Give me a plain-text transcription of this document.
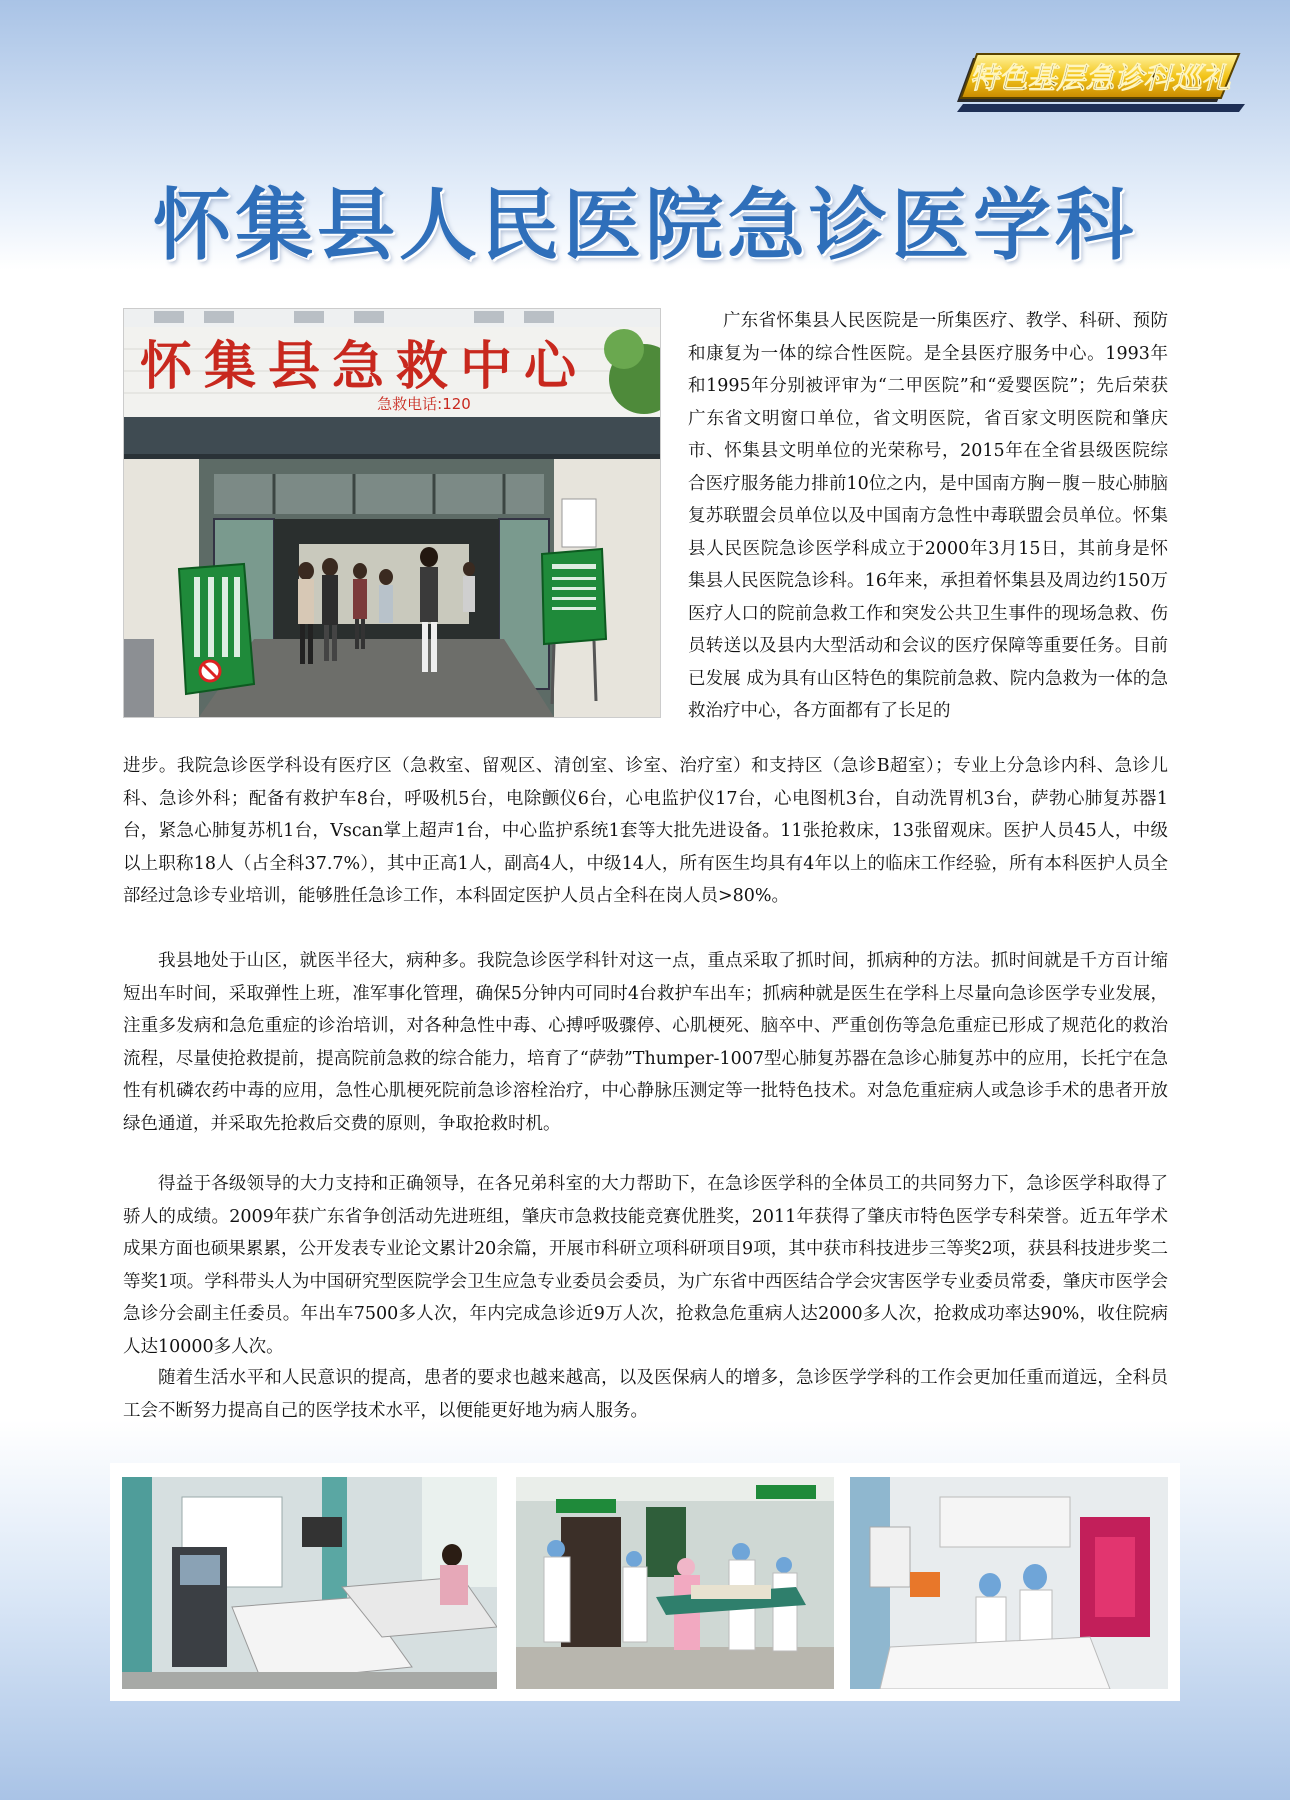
特色基层急诊科巡礼
怀集县人民医院急诊医学科
怀集县急救中心
急救电话:120

广东省怀集县人民医院是一所集医疗、教学、科研、预防和康复为一体的综合性医院。是全县医疗服务中心。1993年和1995年分别被评审为“二甲医院”和“爱婴医院”；先后荣获广东省文明窗口单位，省文明医院，省百家文明医院和肇庆市、怀集县文明单位的光荣称号，2015年在全省县级医院综合医疗服务能力排前10位之内，是中国南方胸－腹－肢心肺脑复苏联盟会员单位以及中国南方急性中毒联盟会员单位。怀集县人民医院急诊医学科成立于2000年3月15日，其前身是怀集县人民医院急诊科。16年来，承担着怀集县及周边约150万医疗人口的院前急救工作和突发公共卫生事件的现场急救、伤员转送以及县内大型活动和会议的医疗保障等重要任务。目前已发展 成为具有山区特色的集院前急救、院内急救为一体的急救治疗中心，各方面都有了长足的

进步。我院急诊医学科设有医疗区（急救室、留观区、清创室、诊室、治疗室）和支持区（急诊B超室）；专业上分急诊内科、急诊儿科、急诊外科；配备有救护车8台，呼吸机5台，电除颤仪6台，心电监护仪17台，心电图机3台，自动洗胃机3台，萨勃心肺复苏器1台，紧急心肺复苏机1台，Vscan掌上超声1台，中心监护系统1套等大批先进设备。11张抢救床，13张留观床。医护人员45人，中级以上职称18人（占全科37.7%），其中正高1人，副高4人，中级14人，所有医生均具有4年以上的临床工作经验，所有本科医护人员全部经过急诊专业培训，能够胜任急诊工作，本科固定医护人员占全科在岗人员>80%。

我县地处于山区，就医半径大，病种多。我院急诊医学科针对这一点，重点采取了抓时间，抓病种的方法。抓时间就是千方百计缩短出车时间，采取弹性上班，准军事化管理，确保5分钟内可同时4台救护车出车；抓病种就是医生在学科上尽量向急诊医学专业发展，注重多发病和急危重症的诊治培训，对各种急性中毒、心搏呼吸骤停、心肌梗死、脑卒中、严重创伤等急危重症已形成了规范化的救治流程，尽量使抢救提前，提高院前急救的综合能力，培育了“萨勃”Thumper-1007型心肺复苏器在急诊心肺复苏中的应用，长托宁在急性有机磷农药中毒的应用，急性心肌梗死院前急诊溶栓治疗，中心静脉压测定等一批特色技术。对急危重症病人或急诊手术的患者开放绿色通道，并采取先抢救后交费的原则，争取抢救时机。

得益于各级领导的大力支持和正确领导，在各兄弟科室的大力帮助下，在急诊医学科的全体员工的共同努力下，急诊医学科取得了骄人的成绩。2009年获广东省争创活动先进班组，肇庆市急救技能竞赛优胜奖，2011年获得了肇庆市特色医学专科荣誉。近五年学术成果方面也硕果累累，公开发表专业论文累计20余篇，开展市科研立项科研项目9项，其中获市科技进步三等奖2项，获县科技进步奖二等奖1项。学科带头人为中国研究型医院学会卫生应急专业委员会委员，为广东省中西医结合学会灾害医学专业委员常委，肇庆市医学会急诊分会副主任委员。年出车7500多人次，年内完成急诊近9万人次，抢救急危重病人达2000多人次，抢救成功率达90%，收住院病人达10000多人次。

随着生活水平和人民意识的提高，患者的要求也越来越高，以及医保病人的增多，急诊医学学科的工作会更加任重而道远，全科员工会不断努力提高自己的医学技术水平，以便能更好地为病人服务。
